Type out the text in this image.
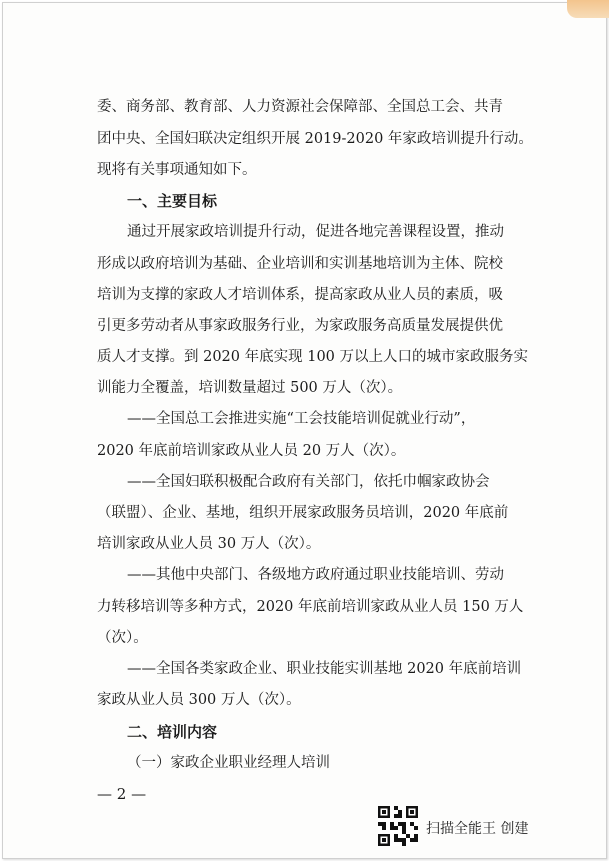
委、商务部、教育部、人力资源社会保障部、全国总工会、共青
团中央、全国妇联决定组织开展 2019-2020 年家政培训提升行动。
现将有关事项通知如下。
一、主要目标
通过开展家政培训提升行动，促进各地完善课程设置，推动
形成以政府培训为基础、企业培训和实训基地培训为主体、院校
培训为支撑的家政人才培训体系，提高家政从业人员的素质，吸
引更多劳动者从事家政服务行业，为家政服务高质量发展提供优
质人才支撑。到 2020 年底实现 100 万以上人口的城市家政服务实
训能力全覆盖，培训数量超过 500 万人（次）。
——全国总工会推进实施“工会技能培训促就业行动”，
2020 年底前培训家政从业人员 20 万人（次）。
——全国妇联积极配合政府有关部门，依托巾帼家政协会
（联盟）、企业、基地，组织开展家政服务员培训，2020 年底前
培训家政从业人员 30 万人（次）。
——其他中央部门、各级地方政府通过职业技能培训、劳动
力转移培训等多种方式，2020 年底前培训家政从业人员 150 万人
（次）。
——全国各类家政企业、职业技能实训基地 2020 年底前培训
家政从业人员 300 万人（次）。
二、培训内容
（一）家政企业职业经理人培训
— 2 —
扫描全能王 创建
